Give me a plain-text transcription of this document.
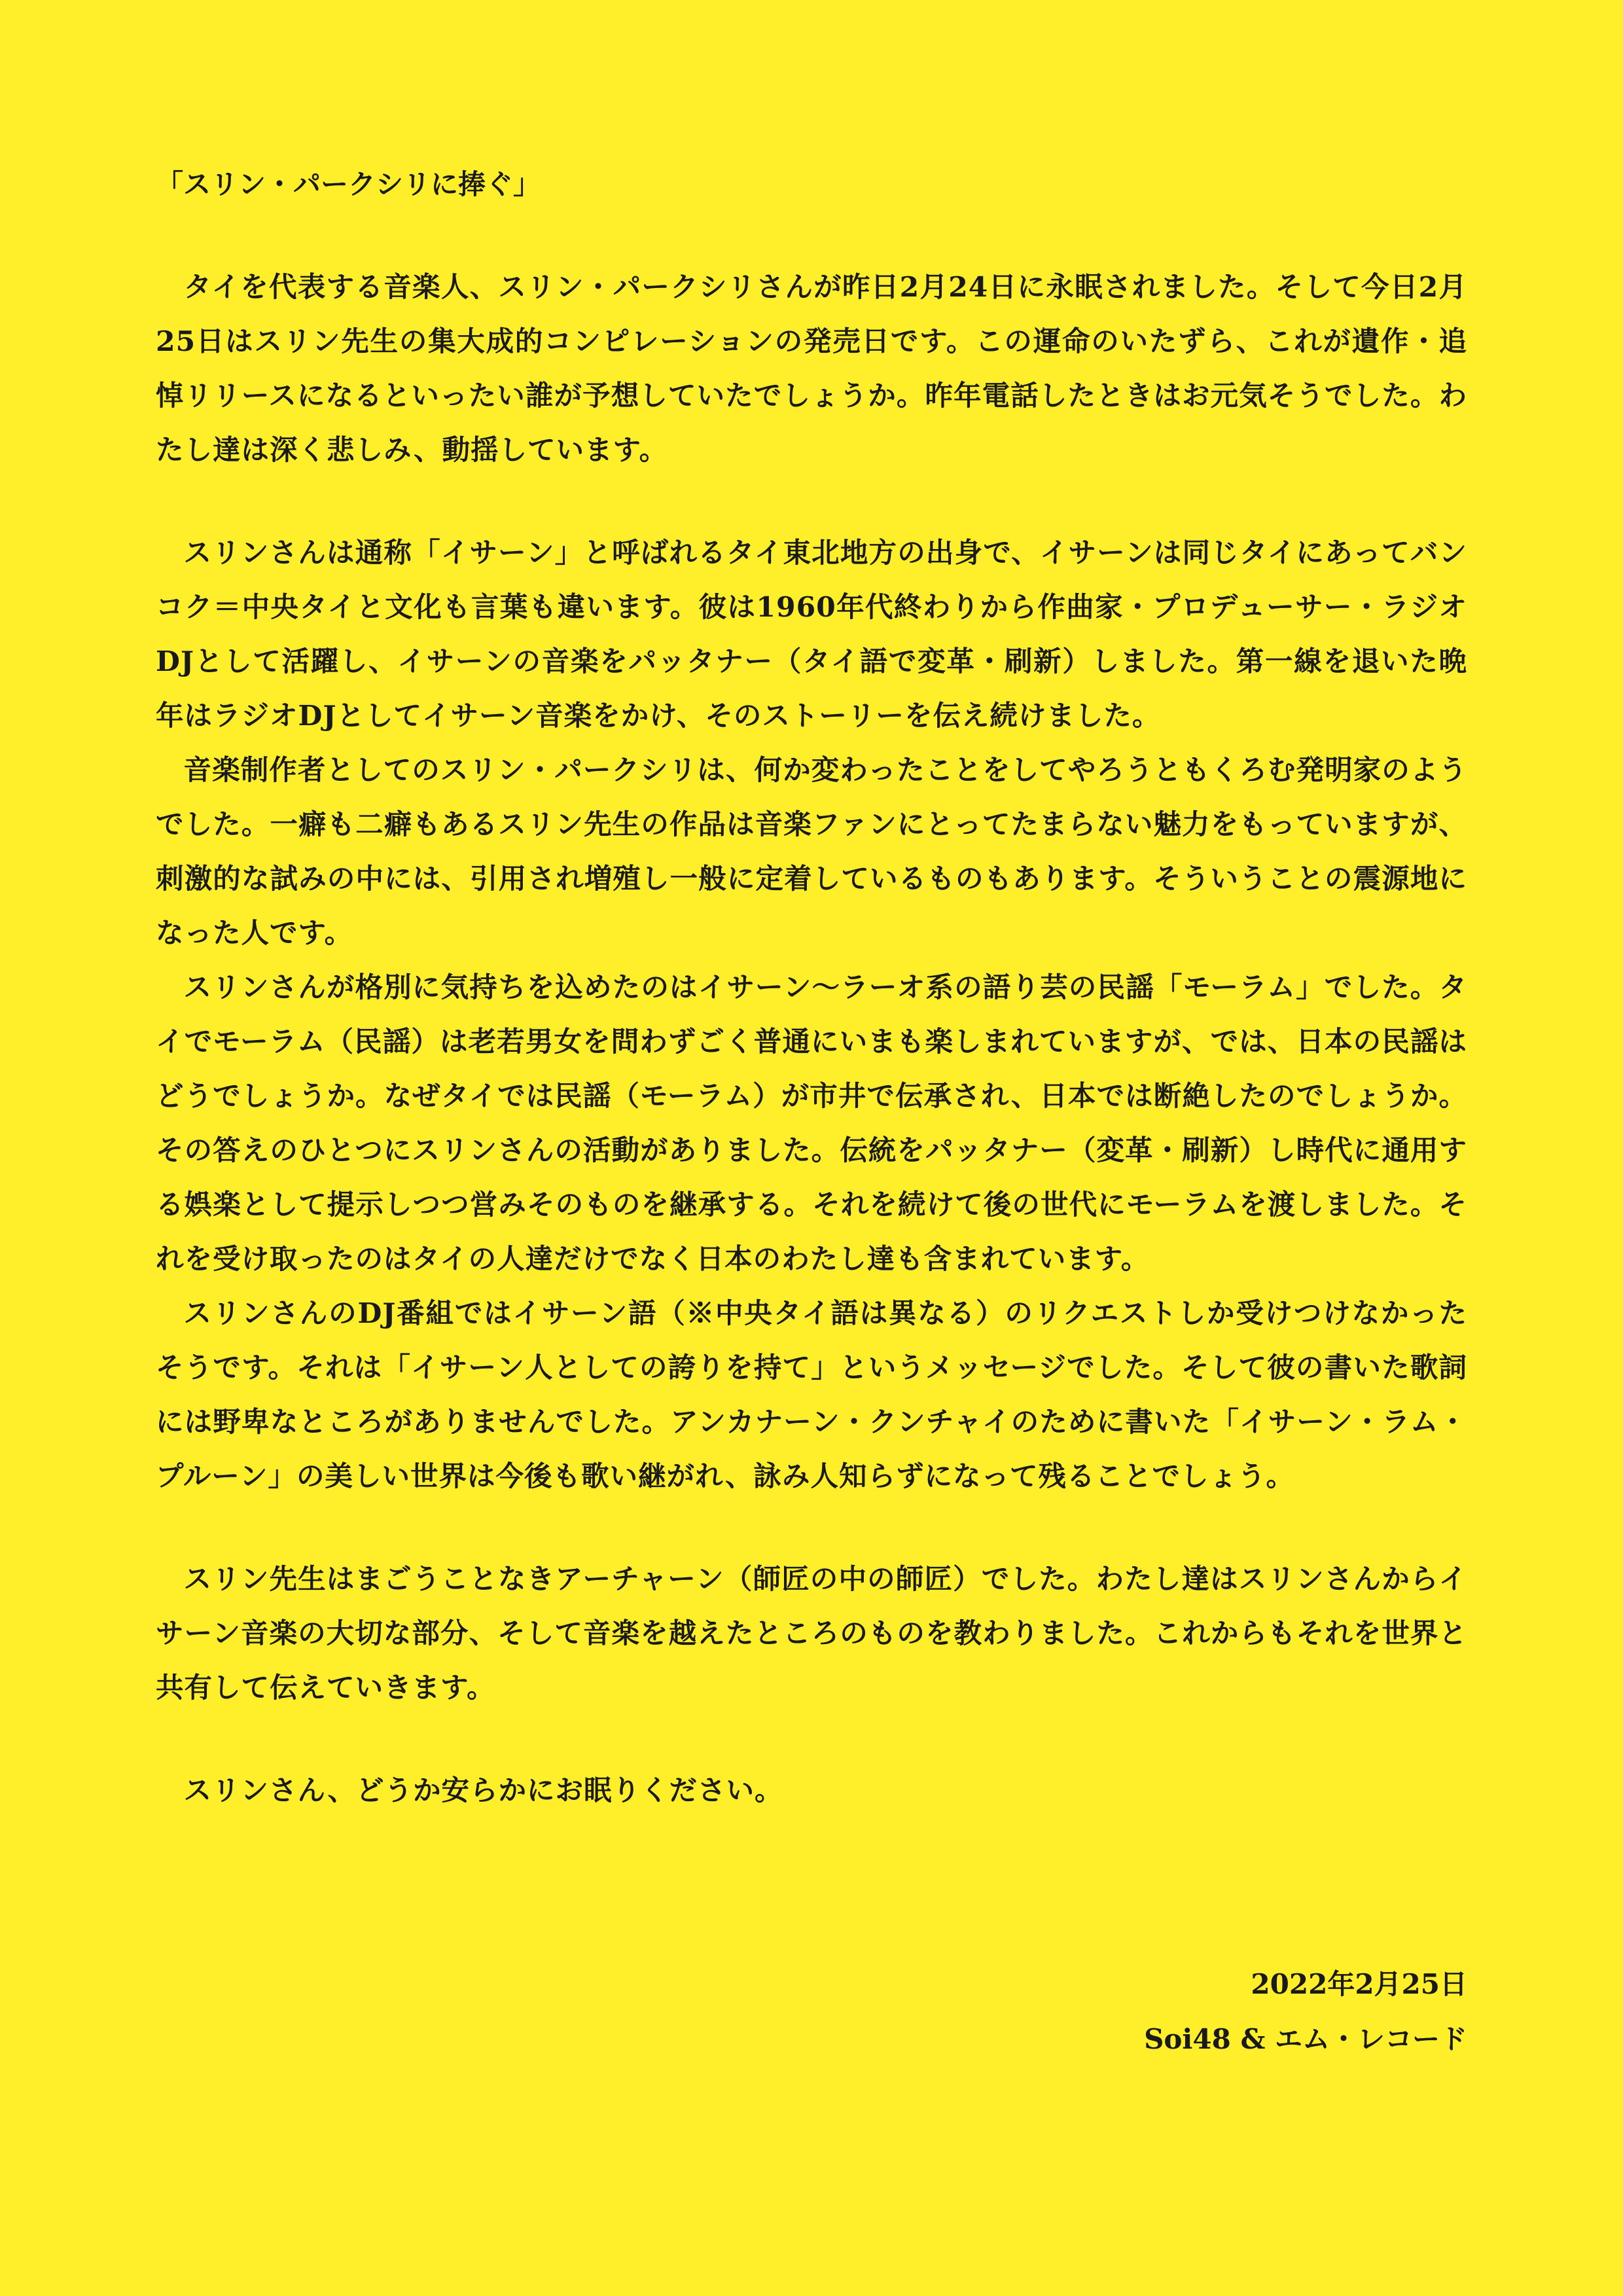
「スリン・パークシリに捧ぐ」

タイを代表する音楽人、スリン・パークシリさんが昨日2月24日に永眠されました。そして今日2月25日はスリン先生の集大成的コンピレーションの発売日です。この運命のいたずら、これが遺作・追悼リリースになるといったい誰が予想していたでしょうか。昨年電話したときはお元気そうでした。わたし達は深く悲しみ、動揺しています。

スリンさんは通称「イサーン」と呼ばれるタイ東北地方の出身で、イサーンは同じタイにあってバンコク＝中央タイと文化も言葉も違います。彼は1960年代終わりから作曲家・プロデューサー・ラジオDJとして活躍し、イサーンの音楽をパッタナー（タイ語で変革・刷新）しました。第一線を退いた晩年はラジオDJとしてイサーン音楽をかけ、そのストーリーを伝え続けました。

音楽制作者としてのスリン・パークシリは、何か変わったことをしてやろうともくろむ発明家のようでした。一癖も二癖もあるスリン先生の作品は音楽ファンにとってたまらない魅力をもっていますが、刺激的な試みの中には、引用され増殖し一般に定着しているものもあります。そういうことの震源地になった人です。

スリンさんが格別に気持ちを込めたのはイサーン〜ラーオ系の語り芸の民謡「モーラム」でした。タイでモーラム（民謡）は老若男女を問わずごく普通にいまも楽しまれていますが、では、日本の民謡はどうでしょうか。なぜタイでは民謡（モーラム）が市井で伝承され、日本では断絶したのでしょうか。その答えのひとつにスリンさんの活動がありました。伝統をパッタナー（変革・刷新）し時代に通用する娯楽として提示しつつ営みそのものを継承する。それを続けて後の世代にモーラムを渡しました。それを受け取ったのはタイの人達だけでなく日本のわたし達も含まれています。

スリンさんのDJ番組ではイサーン語（※中央タイ語は異なる）のリクエストしか受けつけなかったそうです。それは「イサーン人としての誇りを持て」というメッセージでした。そして彼の書いた歌詞には野卑なところがありませんでした。アンカナーン・クンチャイのために書いた「イサーン・ラム・プルーン」の美しい世界は今後も歌い継がれ、詠み人知らずになって残ることでしょう。

スリン先生はまごうことなきアーチャーン（師匠の中の師匠）でした。わたし達はスリンさんからイサーン音楽の大切な部分、そして音楽を越えたところのものを教わりました。これからもそれを世界と共有して伝えていきます。

スリンさん、どうか安らかにお眠りください。

2022年2月25日
Soi48 & エム・レコード
